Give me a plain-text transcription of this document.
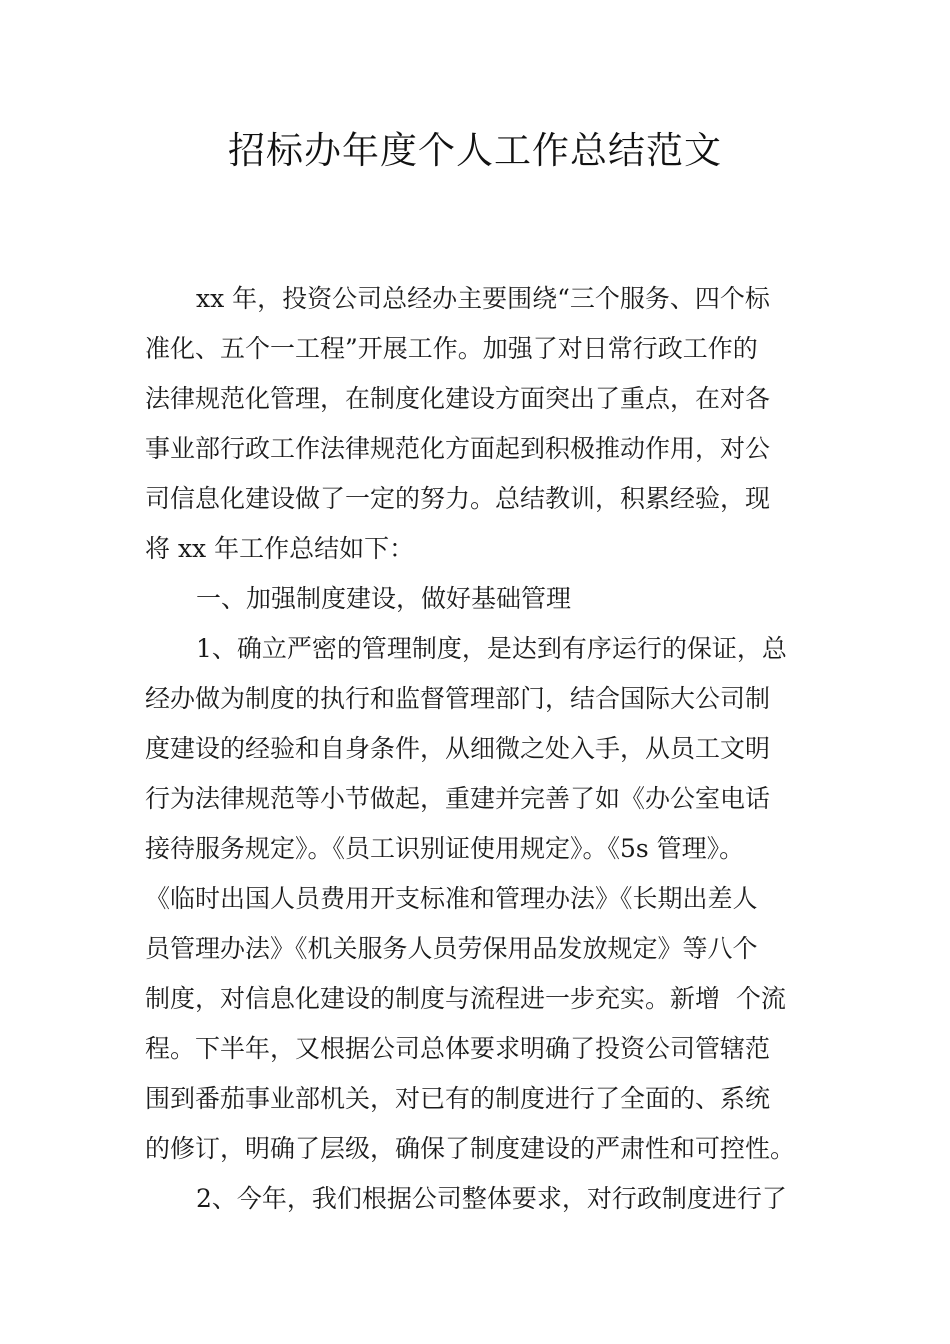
招标办年度个人工作总结范文
xx 年，投资公司总经办主要围绕“三个服务、四个标
准化、五个一工程”开展工作。加强了对日常行政工作的
法律规范化管理，在制度化建设方面突出了重点，在对各
事业部行政工作法律规范化方面起到积极推动作用，对公
司信息化建设做了一定的努力。总结教训，积累经验，现
将 xx 年工作总结如下：
一、加强制度建设，做好基础管理
1、确立严密的管理制度，是达到有序运行的保证，总
经办做为制度的执行和监督管理部门，结合国际大公司制
度建设的经验和自身条件，从细微之处入手，从员工文明
行为法律规范等小节做起，重建并完善了如《办公室电话
接待服务规定》。《员工识别证使用规定》。《5s 管理》。
《临时出国人员费用开支标准和管理办法》《长期出差人
员管理办法》《机关服务人员劳保用品发放规定》等八个
制度，对信息化建设的制度与流程进一步充实。新增  个流
程。下半年，又根据公司总体要求明确了投资公司管辖范
围到番茄事业部机关，对已有的制度进行了全面的、系统
的修订，明确了层级，确保了制度建设的严肃性和可控性。
2、今年，我们根据公司整体要求，对行政制度进行了
